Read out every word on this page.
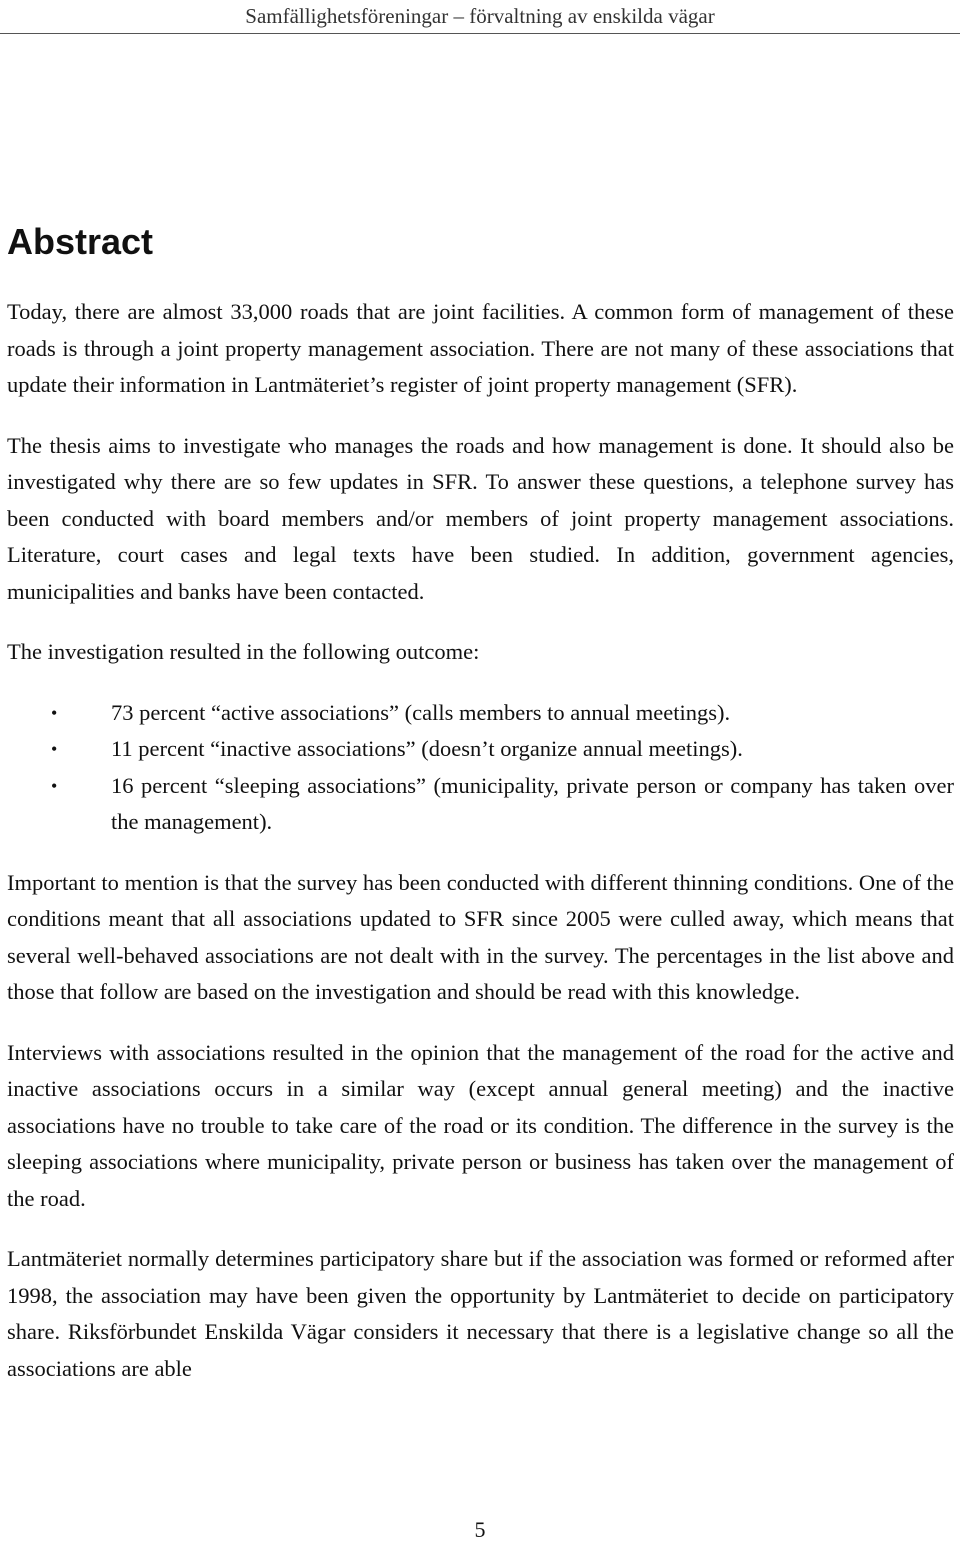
Samfällighetsföreningar – förvaltning av enskilda vägar
Abstract

Today, there are almost 33,000 roads that are joint facilities. A common form of management of these roads is through a joint property management association. There are not many of these associations that update their information in Lantmäteriet’s register of joint property management (SFR).

The thesis aims to investigate who manages the roads and how management is done. It should also be investigated why there are so few updates in SFR. To answer these questions, a telephone survey has been conducted with board members and/or members of joint property management associations. Literature, court cases and legal texts have been studied. In addition, government agencies, municipalities and banks have been contacted.

The investigation resulted in the following outcome:

• 73 percent “active associations” (calls members to annual meetings).
• 11 percent “inactive associations” (doesn’t organize annual meetings).
• 16 percent “sleeping associations” (municipality, private person or company has taken over the management).

Important to mention is that the survey has been conducted with different thinning conditions. One of the conditions meant that all associations updated to SFR since 2005 were culled away, which means that several well-behaved associations are not dealt with in the survey. The percentages in the list above and those that follow are based on the investigation and should be read with this knowledge.

Interviews with associations resulted in the opinion that the management of the road for the active and inactive associations occurs in a similar way (except annual general meeting) and the inactive associations have no trouble to take care of the road or its condition. The difference in the survey is the sleeping associations where municipality, private person or business has taken over the management of the road.

Lantmäteriet normally determines participatory share but if the association was formed or reformed after 1998, the association may have been given the opportunity by Lantmäteriet to decide on participatory share. Riksförbundet Enskilda Vägar considers it necessary that there is a legislative change so all the associations are able

5
